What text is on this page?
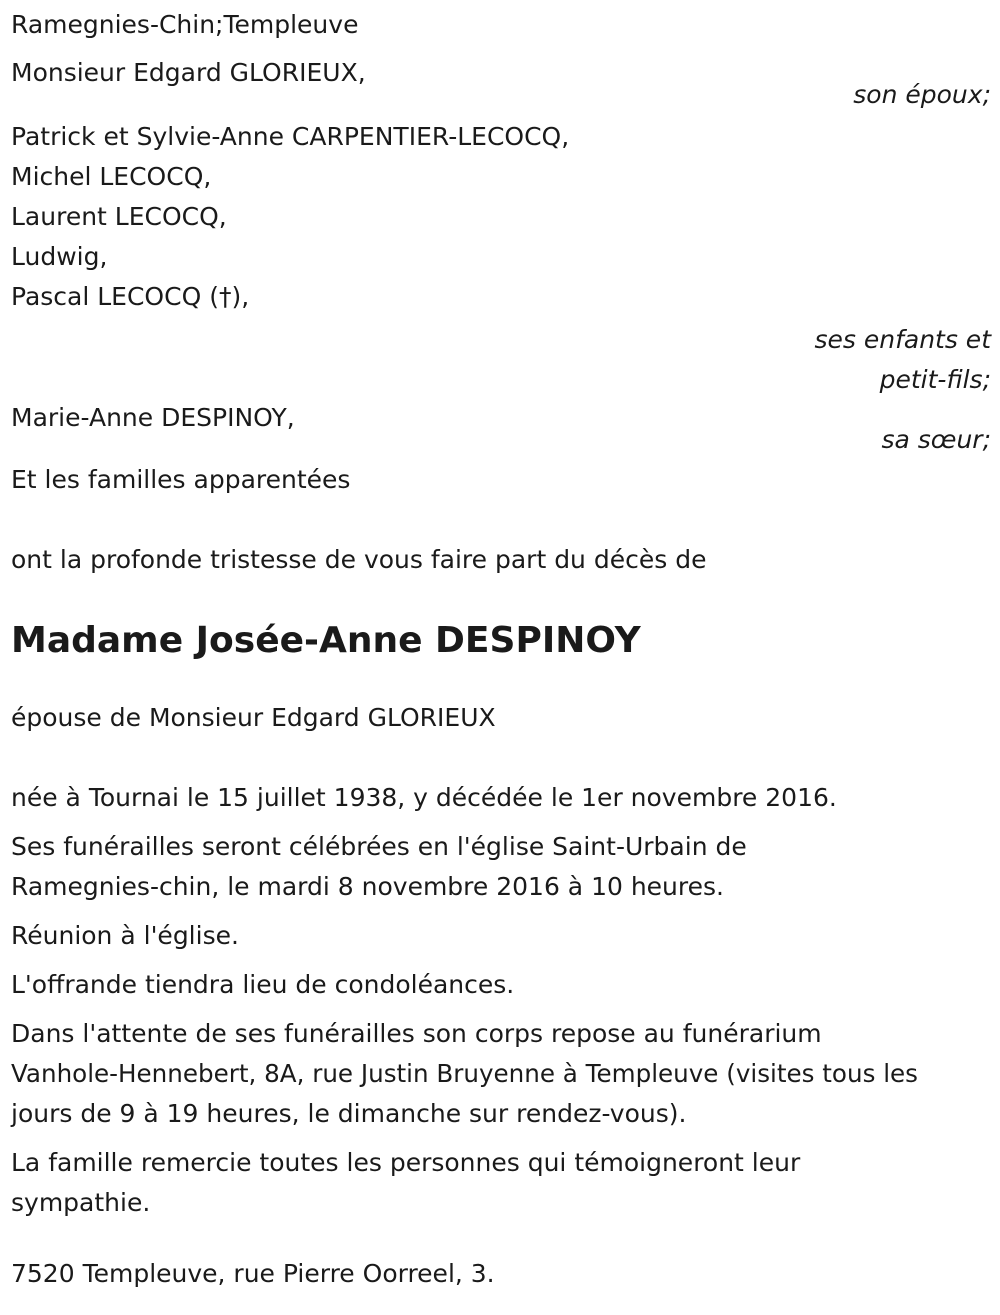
Ramegnies-Chin;Templeuve
Monsieur Edgard GLORIEUX,
son époux;
Patrick et Sylvie-Anne CARPENTIER-LECOCQ,
Michel LECOCQ,
Laurent LECOCQ,
Ludwig,
Pascal LECOCQ (†),
ses enfants et
petit-fils;
Marie-Anne DESPINOY,
sa sœur;
Et les familles apparentées
ont la profonde tristesse de vous faire part du décès de
Madame Josée-Anne DESPINOY
épouse de Monsieur Edgard GLORIEUX
née à Tournai le 15 juillet 1938, y décédée le 1er novembre 2016.
Ses funérailles seront célébrées en l'église Saint-Urbain de
Ramegnies-chin, le mardi 8 novembre 2016 à 10 heures.
Réunion à l'église.
L'offrande tiendra lieu de condoléances.
Dans l'attente de ses funérailles son corps repose au funérarium
Vanhole-Hennebert, 8A, rue Justin Bruyenne à Templeuve (visites tous les
jours de 9 à 19 heures, le dimanche sur rendez-vous).
La famille remercie toutes les personnes qui témoigneront leur
sympathie.
7520 Templeuve, rue Pierre Oorreel, 3.
